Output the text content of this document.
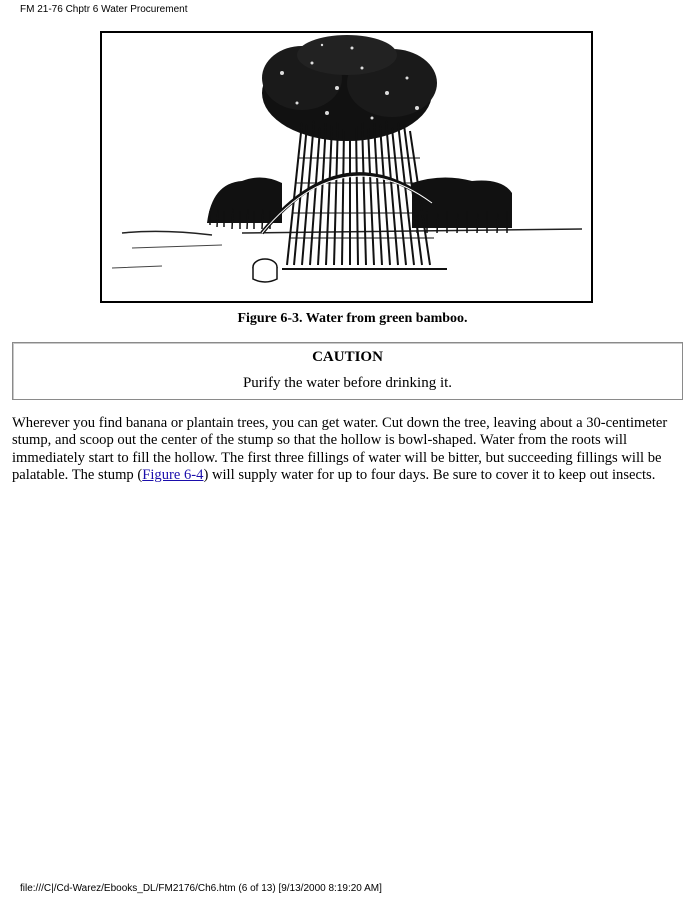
FM 21-76 Chptr 6 Water Procurement
Figure 6-3. Water from green bamboo.
CAUTION
Purify the water before drinking it.
Wherever you find banana or plantain trees, you can get water. Cut down the tree, leaving about a 30-centimeter stump, and scoop out the center of the stump so that the hollow is bowl-shaped. Water from the roots will immediately start to fill the hollow. The first three fillings of water will be bitter, but succeeding fillings will be palatable. The stump (Figure 6-4) will supply water for up to four days. Be sure to cover it to keep out insects.
file:///C|/Cd-Warez/Ebooks_DL/FM2176/Ch6.htm (6 of 13) [9/13/2000 8:19:20 AM]
